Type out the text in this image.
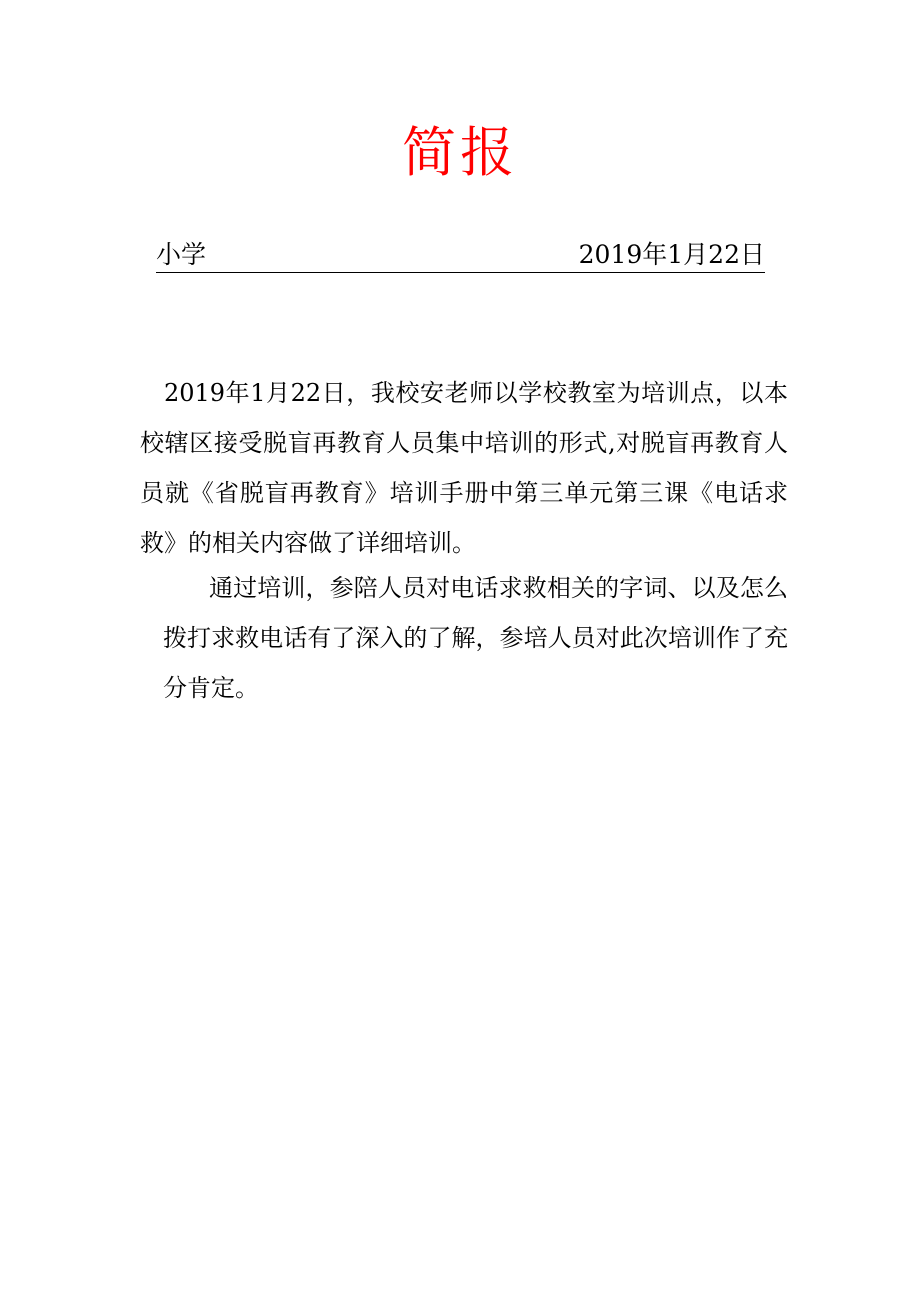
简报
小学	2019年1月22日
2019年1月22日，我校安老师以学校教室为培训点，以本校辖区接受脱盲再教育人员集中培训的形式,对脱盲再教育人员就《省脱盲再教育》培训手册中第三单元第三课《电话求救》的相关内容做了详细培训。
通过培训，参陪人员对电话求救相关的字词、以及怎么拨打求救电话有了深入的了解，参培人员对此次培训作了充分肯定。
